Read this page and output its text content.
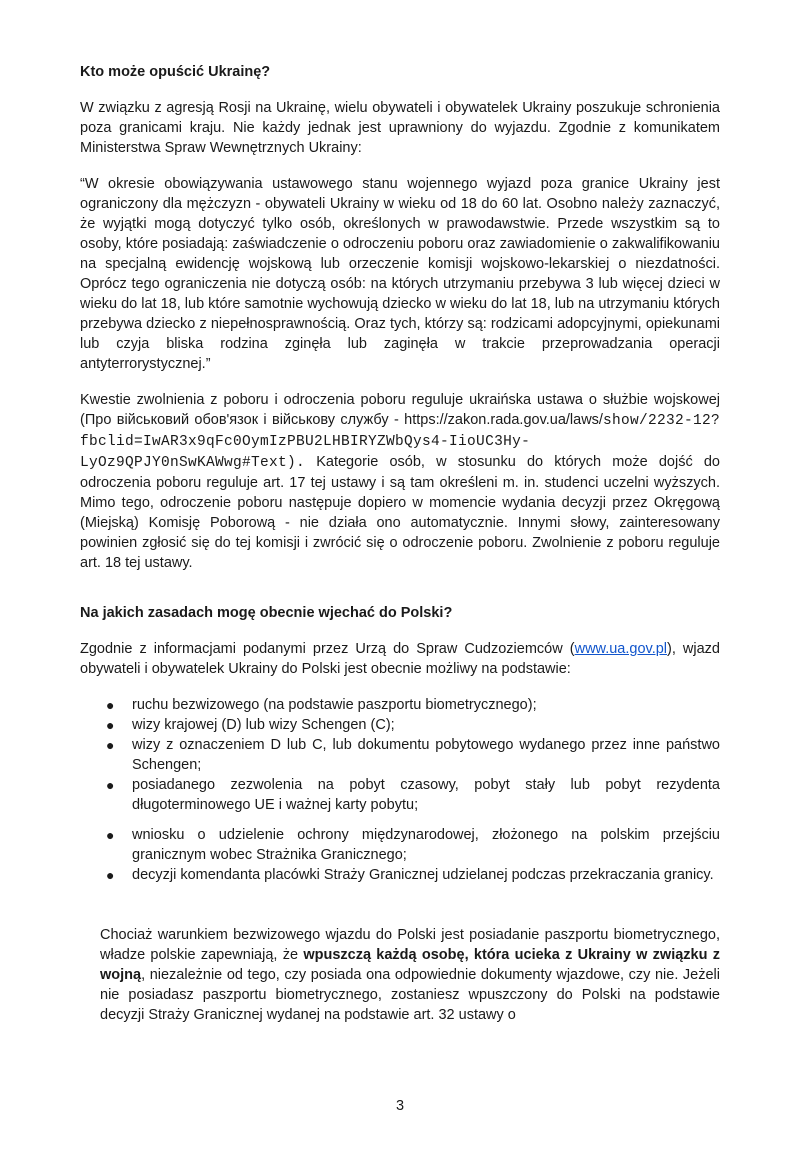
Kto może opuścić Ukrainę?

W związku z agresją Rosji na Ukrainę, wielu obywateli i obywatelek Ukrainy poszukuje schronienia poza granicami kraju. Nie każdy jednak jest uprawniony do wyjazdu. Zgodnie z komunikatem Ministerstwa Spraw Wewnętrznych Ukrainy:

“W okresie obowiązywania ustawowego stanu wojennego wyjazd poza granice Ukrainy jest ograniczony dla mężczyzn - obywateli Ukrainy w wieku od 18 do 60 lat. Osobno należy zaznaczyć, że wyjątki mogą dotyczyć tylko osób, określonych w prawodawstwie. Przede wszystkim są to osoby, które posiadają: zaświadczenie o odroczeniu poboru oraz zawiadomienie o zakwalifikowaniu na specjalną ewidencję wojskową lub orzeczenie komisji wojskowo-lekarskiej o niezdatności. Oprócz tego ograniczenia nie dotyczą osób: na których utrzymaniu przebywa 3 lub więcej dzieci w wieku do lat 18, lub które samotnie wychowują dziecko w wieku do lat 18, lub na utrzymaniu których przebywa dziecko z niepełnosprawnością. Oraz tych, którzy są: rodzicami adopcyjnymi, opiekunami lub czyja bliska rodzina zginęła lub zaginęła w trakcie przeprowadzania operacji antyterrorystycznej.”

Kwestie zwolnienia z poboru i odroczenia poboru reguluje ukraińska ustawa o służbie wojskowej (Про військовий обов'язок і військову службу - https://zakon.rada.gov.ua/laws/show/2232-12?fbclid=IwAR3x9qFc0OymIzPBU2LHBIRYZWbQys4-IioUC3Hy-LyOz9QPJY0nSwKAWwg#Text). Kategorie osób, w stosunku do których może dojść do odroczenia poboru reguluje art. 17 tej ustawy i są tam określeni m. in. studenci uczelni wyższych. Mimo tego, odroczenie poboru następuje dopiero w momencie wydania decyzji przez Okręgową (Miejską) Komisję Poborową - nie działa ono automatycznie. Innymi słowy, zainteresowany powinien zgłosić się do tej komisji i zwrócić się o odroczenie poboru. Zwolnienie z poboru reguluje art. 18 tej ustawy.

Na jakich zasadach mogę obecnie wjechać do Polski?

Zgodnie z informacjami podanymi przez Urzą do Spraw Cudzoziemców (www.ua.gov.pl), wjazd obywateli i obywatelek Ukrainy do Polski jest obecnie możliwy na podstawie:

● ruchu bezwizowego (na podstawie paszportu biometrycznego);
● wizy krajowej (D) lub wizy Schengen (C);
● wizy z oznaczeniem D lub C, lub dokumentu pobytowego wydanego przez inne państwo Schengen;
● posiadanego zezwolenia na pobyt czasowy, pobyt stały lub pobyt rezydenta długoterminowego UE i ważnej karty pobytu;
● wniosku o udzielenie ochrony międzynarodowej, złożonego na polskim przejściu granicznym wobec Strażnika Granicznego;
● decyzji komendanta placówki Straży Granicznej udzielanej podczas przekraczania granicy.

Chociaż warunkiem bezwizowego wjazdu do Polski jest posiadanie paszportu biometrycznego, władze polskie zapewniają, że wpuszczą każdą osobę, która ucieka z Ukrainy w związku z wojną, niezależnie od tego, czy posiada ona odpowiednie dokumenty wjazdowe, czy nie. Jeżeli nie posiadasz paszportu biometrycznego, zostaniesz wpuszczony do Polski na podstawie decyzji Straży Granicznej wydanej na podstawie art. 32 ustawy o

3
